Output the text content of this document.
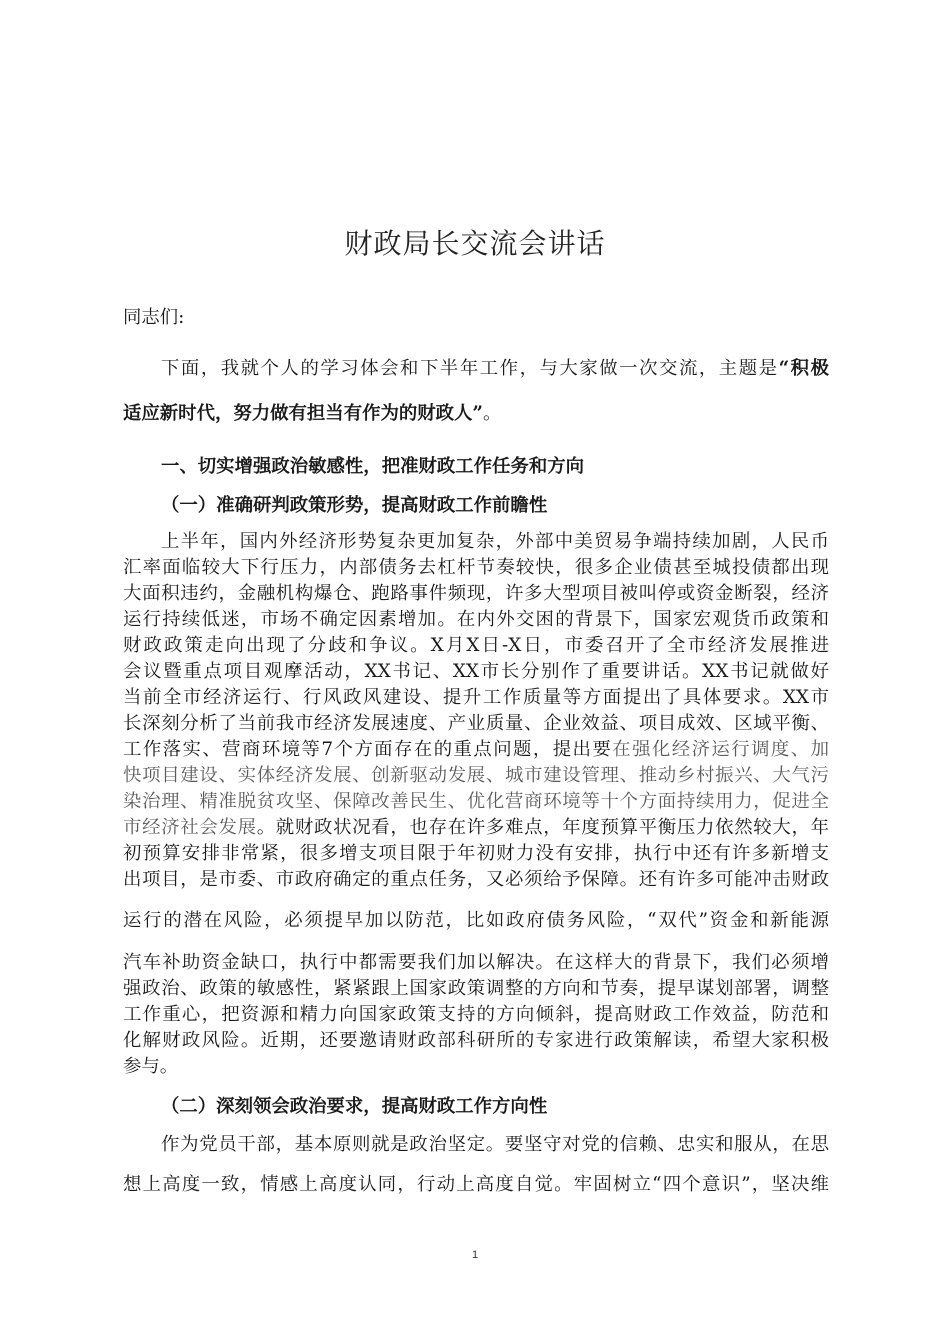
财政局长交流会讲话
同志们:
下面，我就个人的学习体会和下半年工作，与大家做一次交流，主题是“积极
适应新时代，努力做有担当有作为的财政人”。
一、切实增强政治敏感性，把准财政工作任务和方向
（一）准确研判政策形势，提高财政工作前瞻性
上半年，国内外经济形势复杂更加复杂，外部中美贸易争端持续加剧，人民币
汇率面临较大下行压力，内部债务去杠杆节奏较快，很多企业债甚至城投债都出现
大面积违约，金融机构爆仓、跑路事件频现，许多大型项目被叫停或资金断裂，经济
运行持续低迷，市场不确定因素增加。在内外交困的背景下，国家宏观货币政策和
财政政策走向出现了分歧和争议。X月X日-X日，市委召开了全市经济发展推进
会议暨重点项目观摩活动，XX书记、XX市长分别作了重要讲话。XX书记就做好
当前全市经济运行、行风政风建设、提升工作质量等方面提出了具体要求。XX市
长深刻分析了当前我市经济发展速度、产业质量、企业效益、项目成效、区域平衡、
工作落实、营商环境等7个方面存在的重点问题，提出要在强化经济运行调度、加
快项目建设、实体经济发展、创新驱动发展、城市建设管理、推动乡村振兴、大气污
染治理、精准脱贫攻坚、保障改善民生、优化营商环境等十个方面持续用力，促进全
市经济社会发展。就财政状况看，也存在许多难点，年度预算平衡压力依然较大，年
初预算安排非常紧，很多增支项目限于年初财力没有安排，执行中还有许多新增支
出项目，是市委、市政府确定的重点任务，又必须给予保障。还有许多可能冲击财政
运行的潜在风险，必须提早加以防范，比如政府债务风险，“双代”资金和新能源
汽车补助资金缺口，执行中都需要我们加以解决。在这样大的背景下，我们必须增
强政治、政策的敏感性，紧紧跟上国家政策调整的方向和节奏，提早谋划部署，调整
工作重心，把资源和精力向国家政策支持的方向倾斜，提高财政工作效益，防范和
化解财政风险。近期，还要邀请财政部科研所的专家进行政策解读，希望大家积极
参与。
（二）深刻领会政治要求，提高财政工作方向性
作为党员干部，基本原则就是政治坚定。要坚守对党的信赖、忠实和服从，在思
想上高度一致，情感上高度认同，行动上高度自觉。牢固树立“四个意识”，坚决维
1
